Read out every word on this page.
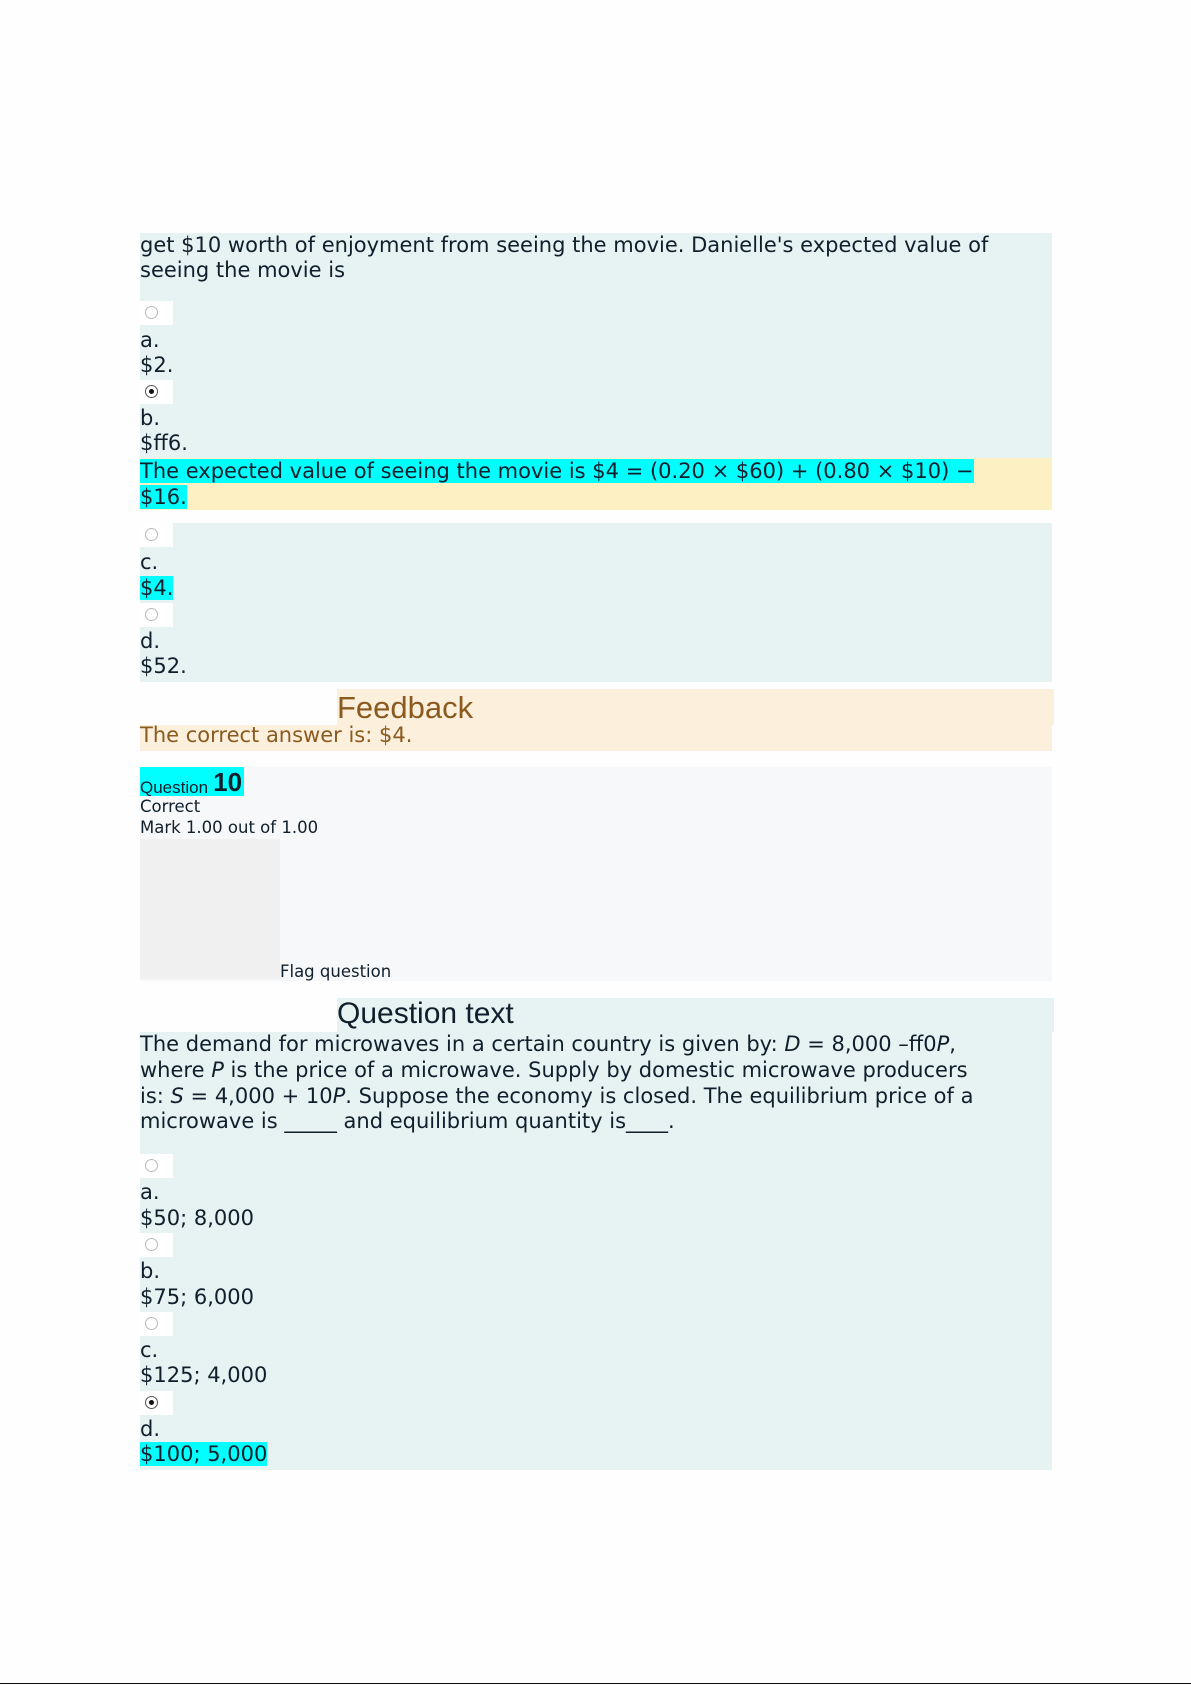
get $10 worth of enjoyment from seeing the movie. Danielle's expected value of
seeing the movie is
a.
$2.
b.
$ff6.
The expected value of seeing the movie is $4 = (0.20 × $60) + (0.80 × $10) −
$16.
c.
$4.
d.
$52.
Feedback
The correct answer is: $4.
Question 10
Correct
Mark 1.00 out of 1.00
Flag question
Question text
The demand for microwaves in a certain country is given by: D = 8,000 –ff0P,
where P is the price of a microwave. Supply by domestic microwave producers
is: S = 4,000 + 10P. Suppose the economy is closed. The equilibrium price of a
microwave is _____ and equilibrium quantity is____.
a.
$50; 8,000
b.
$75; 6,000
c.
$125; 4,000
d.
$100; 5,000
